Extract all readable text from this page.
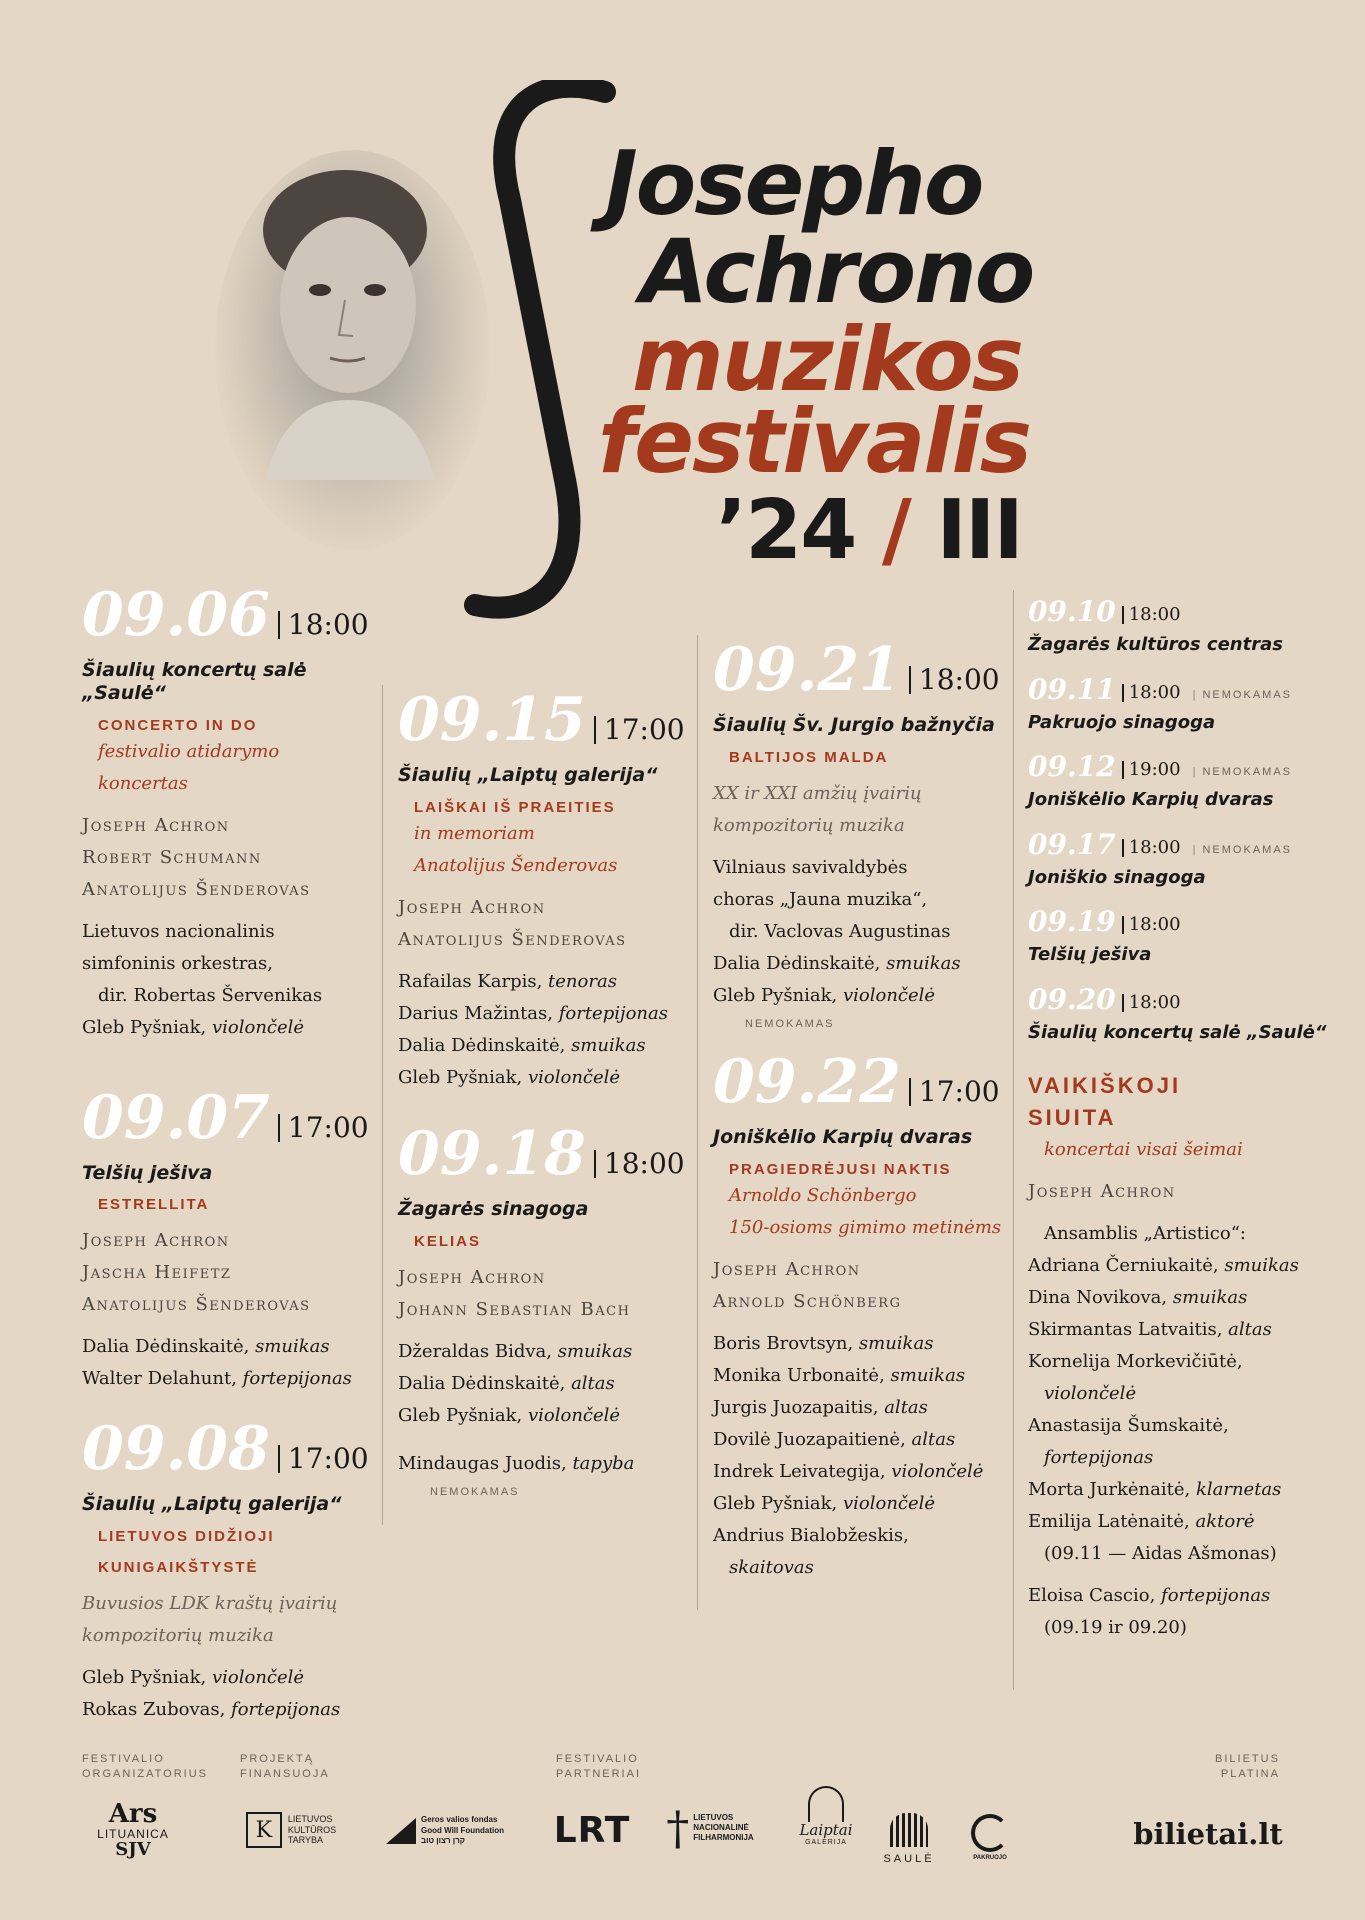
Josepho
Achrono
muzikos
festivalis
’24 / III
09.06 18:00
Šiaulių koncertų salė „Saulė“
CONCERTO IN DO
festivalio atidarymo koncertas
Joseph Achron
Robert Schumann
Anatolijus Šenderovas
Lietuvos nacionalinis
simfoninis orkestras,
dir. Robertas Šervenikas
Gleb Pyšniak, violončelė
09.07 17:00
Telšių ješiva
ESTRELLITA
Joseph Achron
Jascha Heifetz
Anatolijus Šenderovas
Dalia Dėdinskaitė, smuikas
Walter Delahunt, fortepijonas
09.08 17:00
Šiaulių „Laiptų galerija“
LIETUVOS DIDŽIOJI
KUNIGAIKŠTYSTĖ
Buvusios LDK kraštų įvairių
kompozitorių muzika
Gleb Pyšniak, violončelė
Rokas Zubovas, fortepijonas
09.15 17:00
Šiaulių „Laiptų galerija“
LAIŠKAI IŠ PRAEITIES
in memoriam
Anatolijus Šenderovas
Joseph Achron
Anatolijus Šenderovas
Rafailas Karpis, tenoras
Darius Mažintas, fortepijonas
Dalia Dėdinskaitė, smuikas
Gleb Pyšniak, violončelė
09.18 18:00
Žagarės sinagoga
KELIAS
Joseph Achron
Johann Sebastian Bach
Džeraldas Bidva, smuikas
Dalia Dėdinskaitė, altas
Gleb Pyšniak, violončelė
Mindaugas Juodis, tapyba
NEMOKAMAS
09.21 18:00
Šiaulių Šv. Jurgio bažnyčia
BALTIJOS MALDA
XX ir XXI amžių įvairių
kompozitorių muzika
Vilniaus savivaldybės
choras „Jauna muzika“,
dir. Vaclovas Augustinas
Dalia Dėdinskaitė, smuikas
Gleb Pyšniak, violončelė
NEMOKAMAS
09.22 17:00
Joniškėlio Karpių dvaras
PRAGIEDRĖJUSI NAKTIS
Arnoldo Schönbergo
150-osioms gimimo metinėms
Joseph Achron
Arnold Schönberg
Boris Brovtsyn, smuikas
Monika Urbonaitė, smuikas
Jurgis Juozapaitis, altas
Dovilė Juozapaitienė, altas
Indrek Leivategija, violončelė
Gleb Pyšniak, violončelė
Andrius Bialobžeskis,
skaitovas
09.10 18:00
Žagarės kultūros centras
09.11 18:00	| NEMOKAMAS
Pakruojo sinagoga
09.12 19:00	| NEMOKAMAS
Joniškėlio Karpių dvaras
09.17 18:00	| NEMOKAMAS
Joniškio sinagoga
09.19 18:00
Telšių ješiva
09.20 18:00
Šiaulių koncertų salė „Saulė“
VAIKIŠKOJI
SIUITA
koncertai visai šeimai
Joseph Achron
Ansamblis „Artistico“:
Adriana Černiukaitė, smuikas
Dina Novikova, smuikas
Skirmantas Latvaitis, altas
Kornelija Morkevičiūtė,
violončelė
Anastasija Šumskaitė,
fortepijonas
Morta Jurkėnaitė, klarnetas
Emilija Latėnaitė, aktorė
(09.11 — Aidas Ašmonas)
Eloisa Cascio, fortepijonas
(09.19 ir 09.20)
FESTIVALIO
ORGANIZATORIUS
PROJEKTĄ
FINANSUOJA
FESTIVALIO
PARTNERIAI
BILIETUS
PLATINA
Ars
LITUANICA
SJV
K	LIETUVOS
KULTŪROS
TARYBA
Geros valios fondas
Good Will Foundation
קרן רצון טוב	LRT † LIETUVOS
NACIONALINĖ
FILHARMONIJA	Laiptai
GALERIJA
SAULĖ	PAKRUOJO
bilietai.lt
